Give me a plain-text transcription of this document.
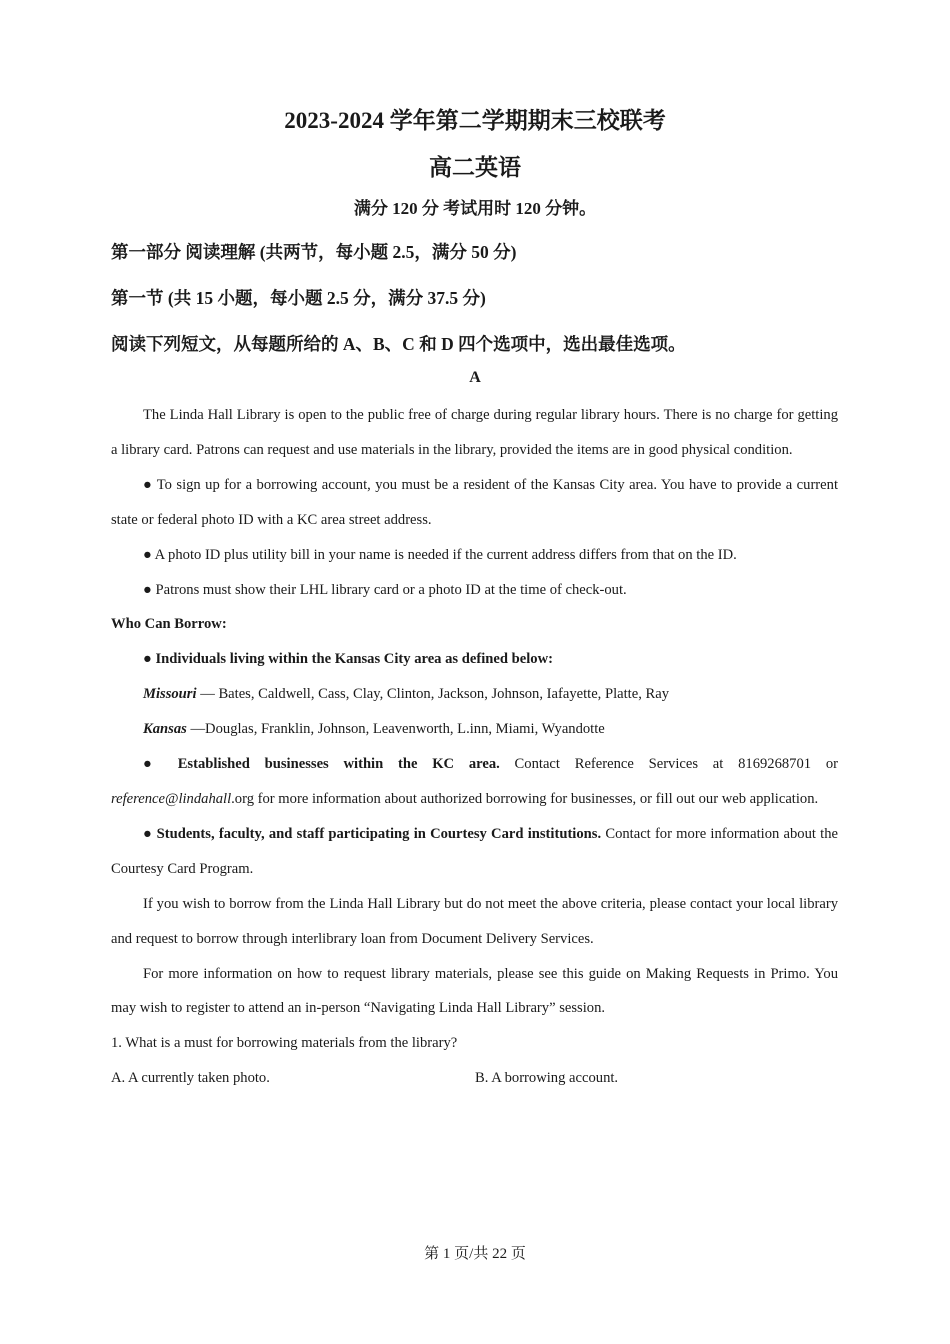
2023-2024 学年第二学期期末三校联考
高二英语
满分 120 分 考试用时 120 分钟。
第一部分 阅读理解 (共两节，每小题 2.5，满分 50 分)
第一节 (共 15 小题，每小题 2.5 分，满分 37.5 分)
阅读下列短文，从每题所给的 A、B、C 和 D 四个选项中，选出最佳选项。
A

The Linda Hall Library is open to the public free of charge during regular library hours. There is no charge for getting a library card. Patrons can request and use materials in the library, provided the items are in good physical condition.

● To sign up for a borrowing account, you must be a resident of the Kansas City area. You have to provide a current state or federal photo ID with a KC area street address.

● A photo ID plus utility bill in your name is needed if the current address differs from that on the ID.

● Patrons must show their LHL library card or a photo ID at the time of check-out.

Who Can Borrow:

● Individuals living within the Kansas City area as defined below:

Missouri — Bates, Caldwell, Cass, Clay, Clinton, Jackson, Johnson, Iafayette, Platte, Ray

Kansas —Douglas, Franklin, Johnson, Leavenworth, L.inn, Miami, Wyandotte

● Established businesses within the KC area. Contact Reference Services at 8169268701 or reference@lindahall.org for more information about authorized borrowing for businesses, or fill out our web application.

● Students, faculty, and staff participating in Courtesy Card institutions. Contact for more information about the Courtesy Card Program.

If you wish to borrow from the Linda Hall Library but do not meet the above criteria, please contact your local library and request to borrow through interlibrary loan from Document Delivery Services.

For more information on how to request library materials, please see this guide on Making Requests in Primo. You may wish to register to attend an in-person “Navigating Linda Hall Library” session.

1. What is a must for borrowing materials from the library?

A. A currently taken photo.	B. A borrowing account.
第 1 页/共 22 页
